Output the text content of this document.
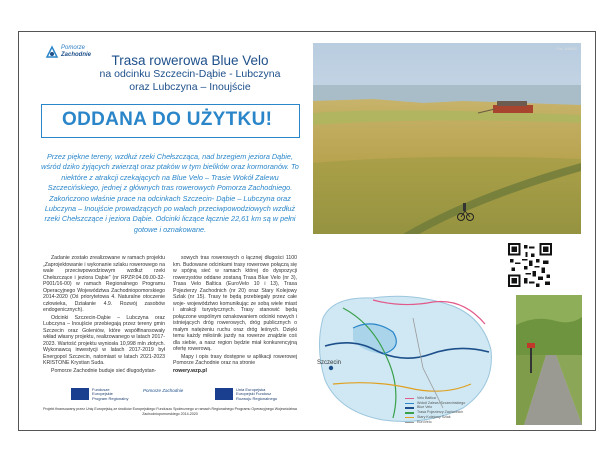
Pomorze
Zachodnie	Trasa rowerowa Blue Velo
na odcinku Szczecin-Dąbie - Lubczyna
oraz Lubczyna – Inoujście
ODDANA DO UŻYTKU!
Fot. UMWZ
Przez piękne tereny, wzdłuż rzeki Chełszcząca, nad brzegiem jeziora Dąbie, wśród dziko żyjących zwierząt oraz ptaków w tym bielików oraz kormoranów. To niektóre z atrakcji czekających na Blue Velo – Trasie Wokół Zalewu Szczecińskiego, jednej z głównych tras rowerowych Pomorza Zachodniego. Zakończono właśnie prace na odcinkach Szczecin- Dąbie – Lubczyna oraz Lubczyna – Inoujście prowadzących po wałach przeciwpowodziowych wzdłuż rzeki Chełszczące i jeziora Dąbie. Odcinki liczące łącznie 22,61 km są w pełni gotowe i oznakowane.

Zadanie zostało zrealizowane w ramach projektu „Zaprojektowanie i wykonanie szlaku rowerowego na wale przeciwpowodziowym wzdłuż rzeki Chełszczące i jeziora Dąbie” (nr RPZP.04.09.00-32-P001/16-00) w ramach Regionalnego Programu Operacyjnego Województwa Zachodniopomorskiego 2014-2020 (Oś priorytetowa 4. Naturalne otoczenie człowieka, Działanie 4.9. Rozwój zasobów endogenicznych).

Odcinki Szczecin-Dąbie – Lubczyna oraz Lubczyna – Inoujście przebiegają przez tereny gmin Szczecin oraz Goleniów, które współfinansowały wkład własny projektu, realizowanego w latach 2017-2023. Wartość projektu wyniosła 10,998 mln złotych. Wykonawcą inwestycji w latach 2017-2019 był Energopol Szczecin, natomiast w latach 2021-2023 KRISTONE Krystian Suda.

Pomorze Zachodnie buduje sieć długodystan-

sowych tras rowerowych o łącznej długości 1100 km. Budowane odcinkami trasy rowerowe połączą się w spójną sieć w ramach której do dyspozycji rowerzystów oddane zostaną Trasa Blue Velo (nr 3), Trasa Velo Baltica (EuroVelo 10 i 13), Trasa Pojezierzy Zachodnich (nr 20) oraz Stary Kolejowy Szlak (nr 15). Trasy te będą przebiegały przez całe woje- województwo komunikując ze sobą wiele miast i atrakcji turystycznych. Trasy stanowić będą połączone wspólnym oznakowaniem odcinki nowych i istniejących dróg rowerowych, dróg publicznych o małym natężeniu ruchu oraz dróg leśnych. Dzięki temu każdy miłośnik jazdy na rowerze znajdzie coś dla siebie, a nasz region będzie miał konkurencyjną ofertę rowerową.

Mapy i opis trasy dostępne w aplikacji rowerowej Pomorze Zachodnie oraz na stronie

rowery.wzp.pl
Szczecin
Velo Baltica
Wokół Zalewu Szczecińskiego
Blue Velo
Trasa Pojezierzy Zachodnich
Stary Kolejowy Szlak
EuroVelo
Fundusze
Europejskie
Program Regionalny
Pomorze Zachodnie	Unia Europejska
Europejski Fundusz
Rozwoju Regionalnego
Projekt finansowany przez Unię Europejską ze środków Europejskiego Funduszu Społecznego w ramach Regionalnego Programu Operacyjnego Województwa Zachodniopomorskiego 2014-2020
